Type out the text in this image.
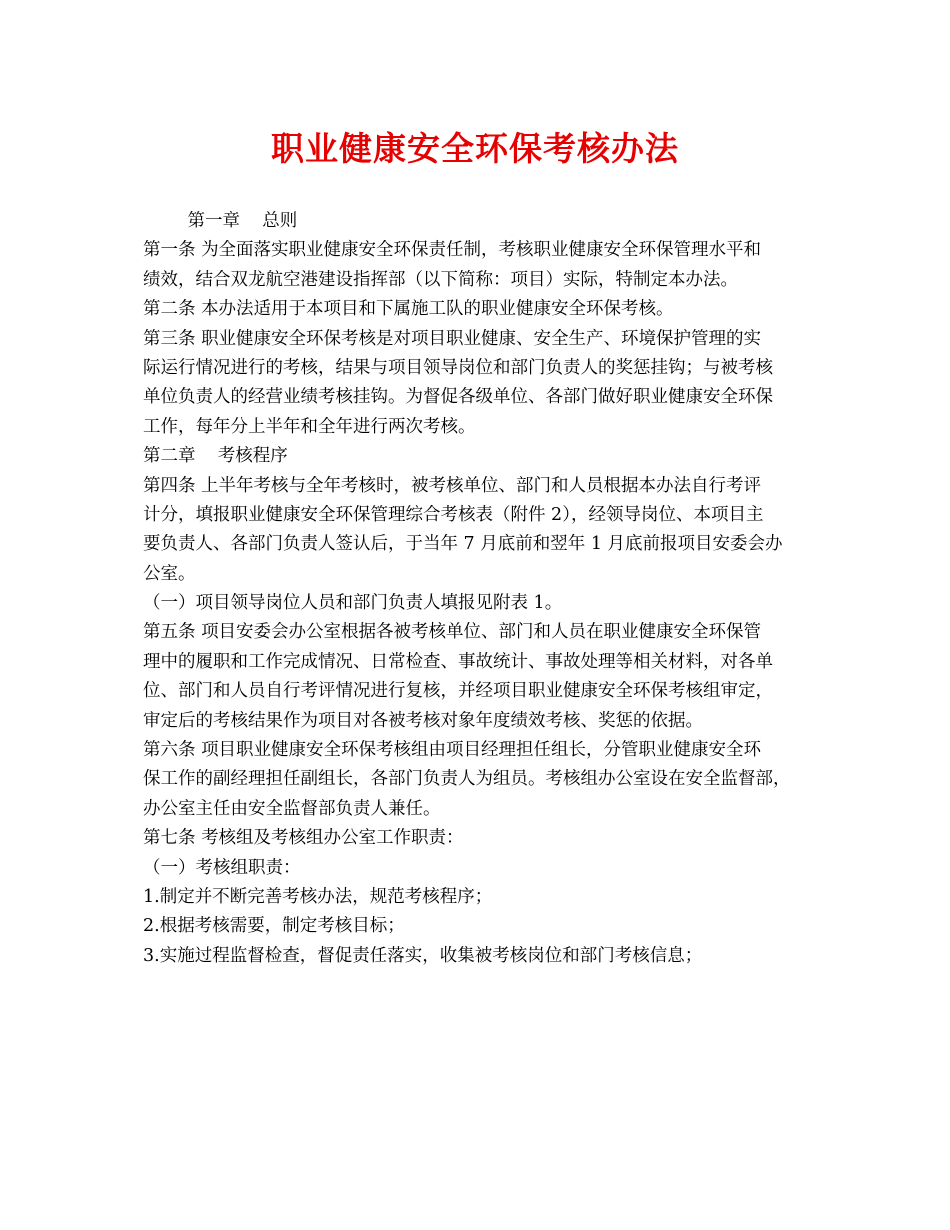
职业健康安全环保考核办法
第一章    总则
第一条 为全面落实职业健康安全环保责任制，考核职业健康安全环保管理水平和
绩效，结合双龙航空港建设指挥部（以下简称：项目）实际，特制定本办法。
第二条 本办法适用于本项目和下属施工队的职业健康安全环保考核。
第三条 职业健康安全环保考核是对项目职业健康、安全生产、环境保护管理的实
际运行情况进行的考核，结果与项目领导岗位和部门负责人的奖惩挂钩；与被考核
单位负责人的经营业绩考核挂钩。为督促各级单位、各部门做好职业健康安全环保
工作，每年分上半年和全年进行两次考核。
第二章    考核程序
第四条 上半年考核与全年考核时，被考核单位、部门和人员根据本办法自行考评
计分，填报职业健康安全环保管理综合考核表（附件 2），经领导岗位、本项目主
要负责人、各部门负责人签认后，于当年 7 月底前和翌年 1 月底前报项目安委会办
公室。
（一）项目领导岗位人员和部门负责人填报见附表 1。
第五条 项目安委会办公室根据各被考核单位、部门和人员在职业健康安全环保管
理中的履职和工作完成情况、日常检查、事故统计、事故处理等相关材料，对各单
位、部门和人员自行考评情况进行复核，并经项目职业健康安全环保考核组审定，
审定后的考核结果作为项目对各被考核对象年度绩效考核、奖惩的依据。
第六条 项目职业健康安全环保考核组由项目经理担任组长，分管职业健康安全环
保工作的副经理担任副组长，各部门负责人为组员。考核组办公室设在安全监督部，
办公室主任由安全监督部负责人兼任。
第七条 考核组及考核组办公室工作职责：
（一）考核组职责：
1.制定并不断完善考核办法，规范考核程序；
2.根据考核需要，制定考核目标；
3.实施过程监督检查，督促责任落实，收集被考核岗位和部门考核信息；
